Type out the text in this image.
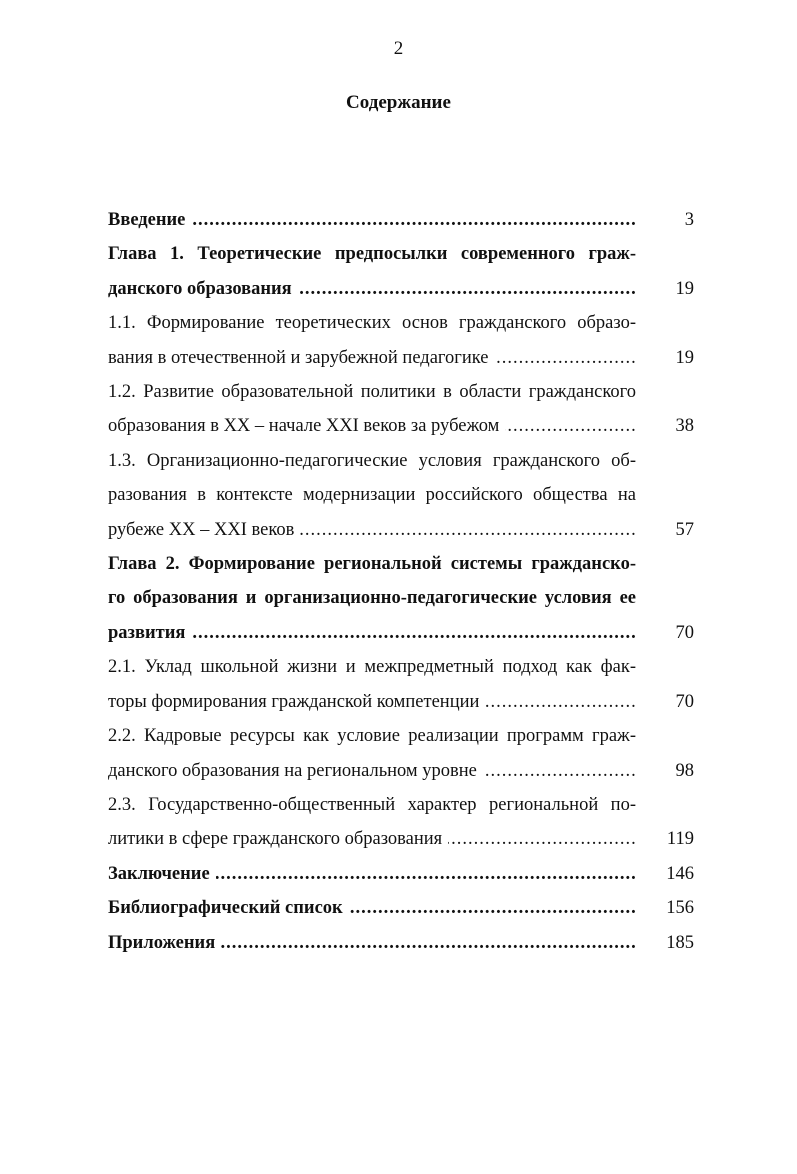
2
Содержание
Введение .....	3
Глава 1. Теоретические предпосылки современного граж-
данского образования .....	19
1.1. Формирование теоретических основ гражданского образо-
вания в отечественной и зарубежной педагогике .....	19
1.2. Развитие образовательной политики в области гражданского
образования в XX – начале XXI веков за рубежом .....	38
1.3. Организационно-педагогические условия гражданского об-
разования в контексте модернизации российского общества на
рубеже XX – XXI веков .....	57
Глава 2. Формирование региональной системы гражданско-
го образования и организационно-педагогические условия ее
развития .....	70
2.1. Уклад школьной жизни и межпредметный подход как фак-
торы формирования гражданской компетенции .....	70
2.2. Кадровые ресурсы как условие реализации программ граж-
данского образования на региональном уровне .....	98
2.3. Государственно-общественный характер региональной по-
литики в сфере гражданского образования .....	119
Заключение .....	146
Библиографический список .....	156
Приложения .....	185
